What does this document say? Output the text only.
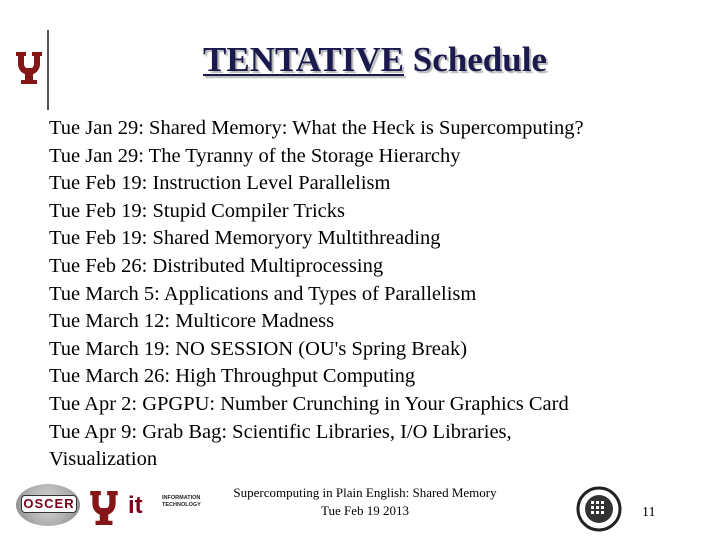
TENTATIVE Schedule
Tue Jan 29: Shared Memory: What the Heck is Supercomputing?
Tue Jan 29: The Tyranny of the Storage Hierarchy
Tue Feb 19: Instruction Level Parallelism
Tue Feb 19: Stupid Compiler Tricks
Tue Feb 19: Shared Memoryory Multithreading
Tue Feb 26: Distributed Multiprocessing
Tue March 5: Applications and Types of Parallelism
Tue March 12: Multicore Madness
Tue March 19: NO SESSION (OU's Spring Break)
Tue March 26: High Throughput Computing
Tue Apr 2: GPGPU: Number Crunching in Your Graphics Card
Tue Apr 9: Grab Bag: Scientific Libraries, I/O Libraries, Visualization
OSCER it	INFORMATION TECHNOLOGY
Supercomputing in Plain English: Shared Memory
Tue Feb 19 2013	11
